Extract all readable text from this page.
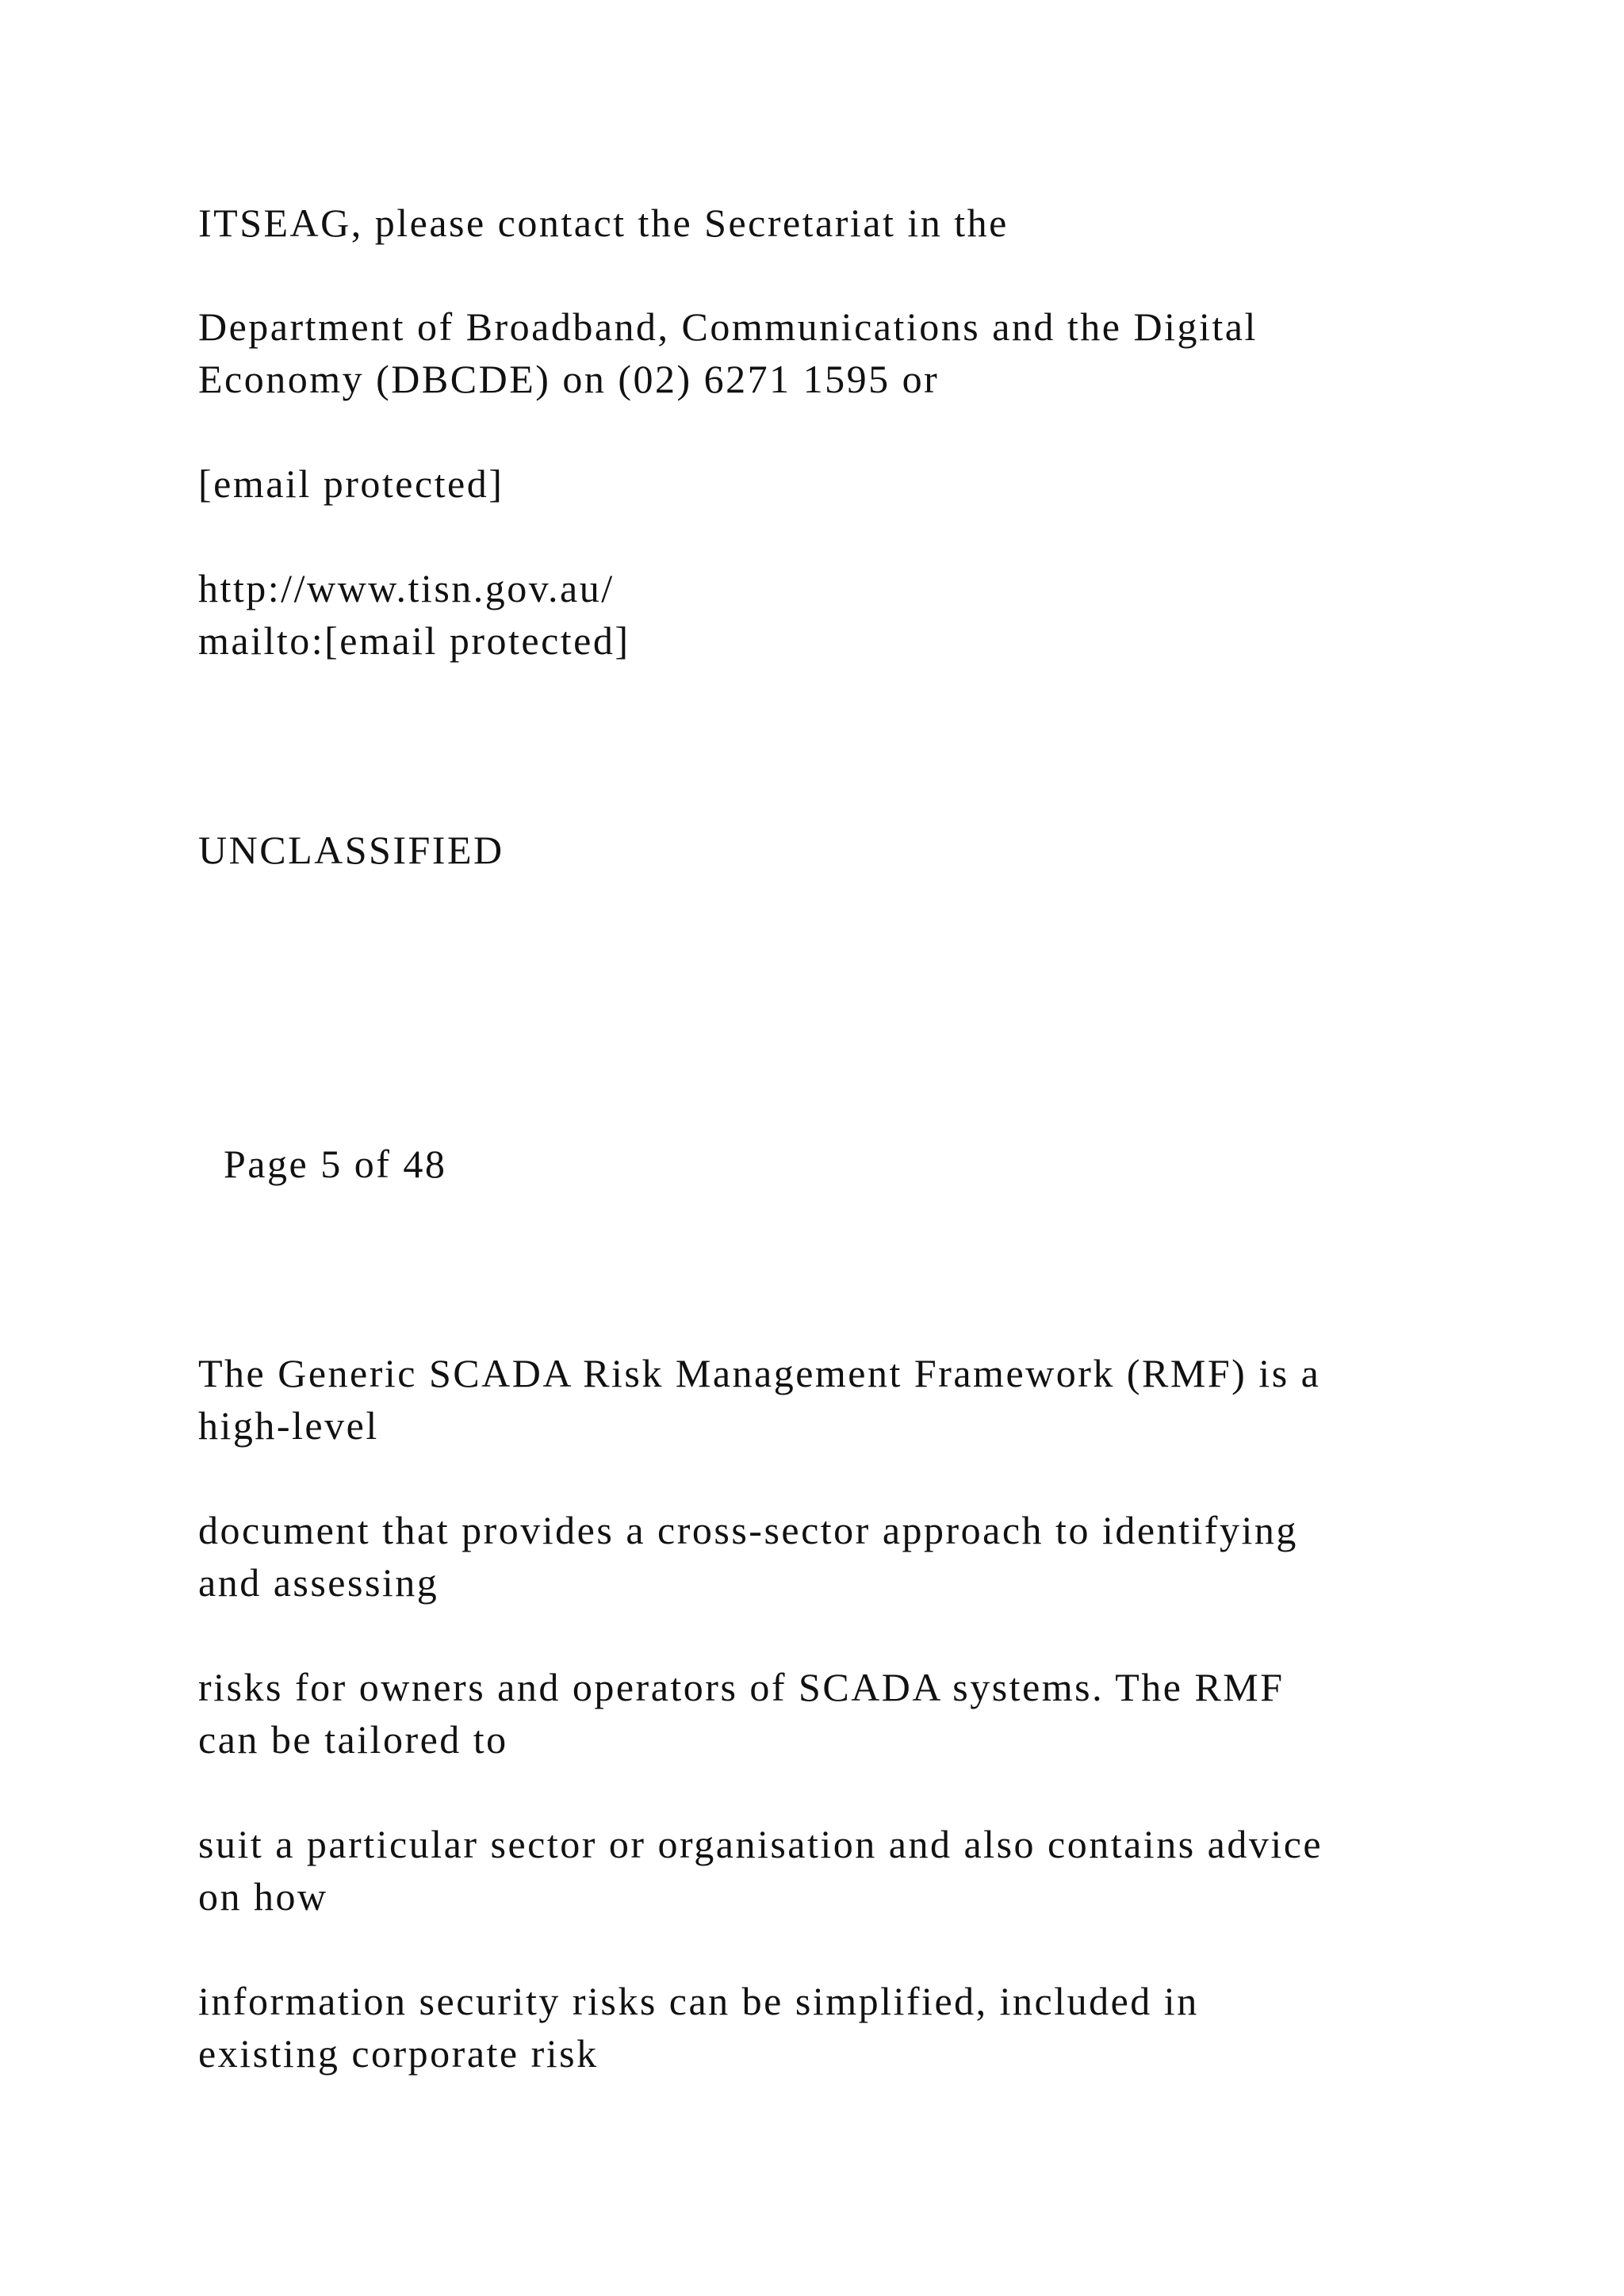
ITSEAG, please contact the Secretariat in the
Department of Broadband, Communications and the Digital
Economy (DBCDE) on (02) 6271 1595 or
[email protected]
http://www.tisn.gov.au/
mailto:[email protected]
UNCLASSIFIED
Page 5 of 48
The Generic SCADA Risk Management Framework (RMF) is a
high-level
document that provides a cross-sector approach to identifying
and assessing
risks for owners and operators of SCADA systems. The RMF
can be tailored to
suit a particular sector or organisation and also contains advice
on how
information security risks can be simplified, included in
existing corporate risk
